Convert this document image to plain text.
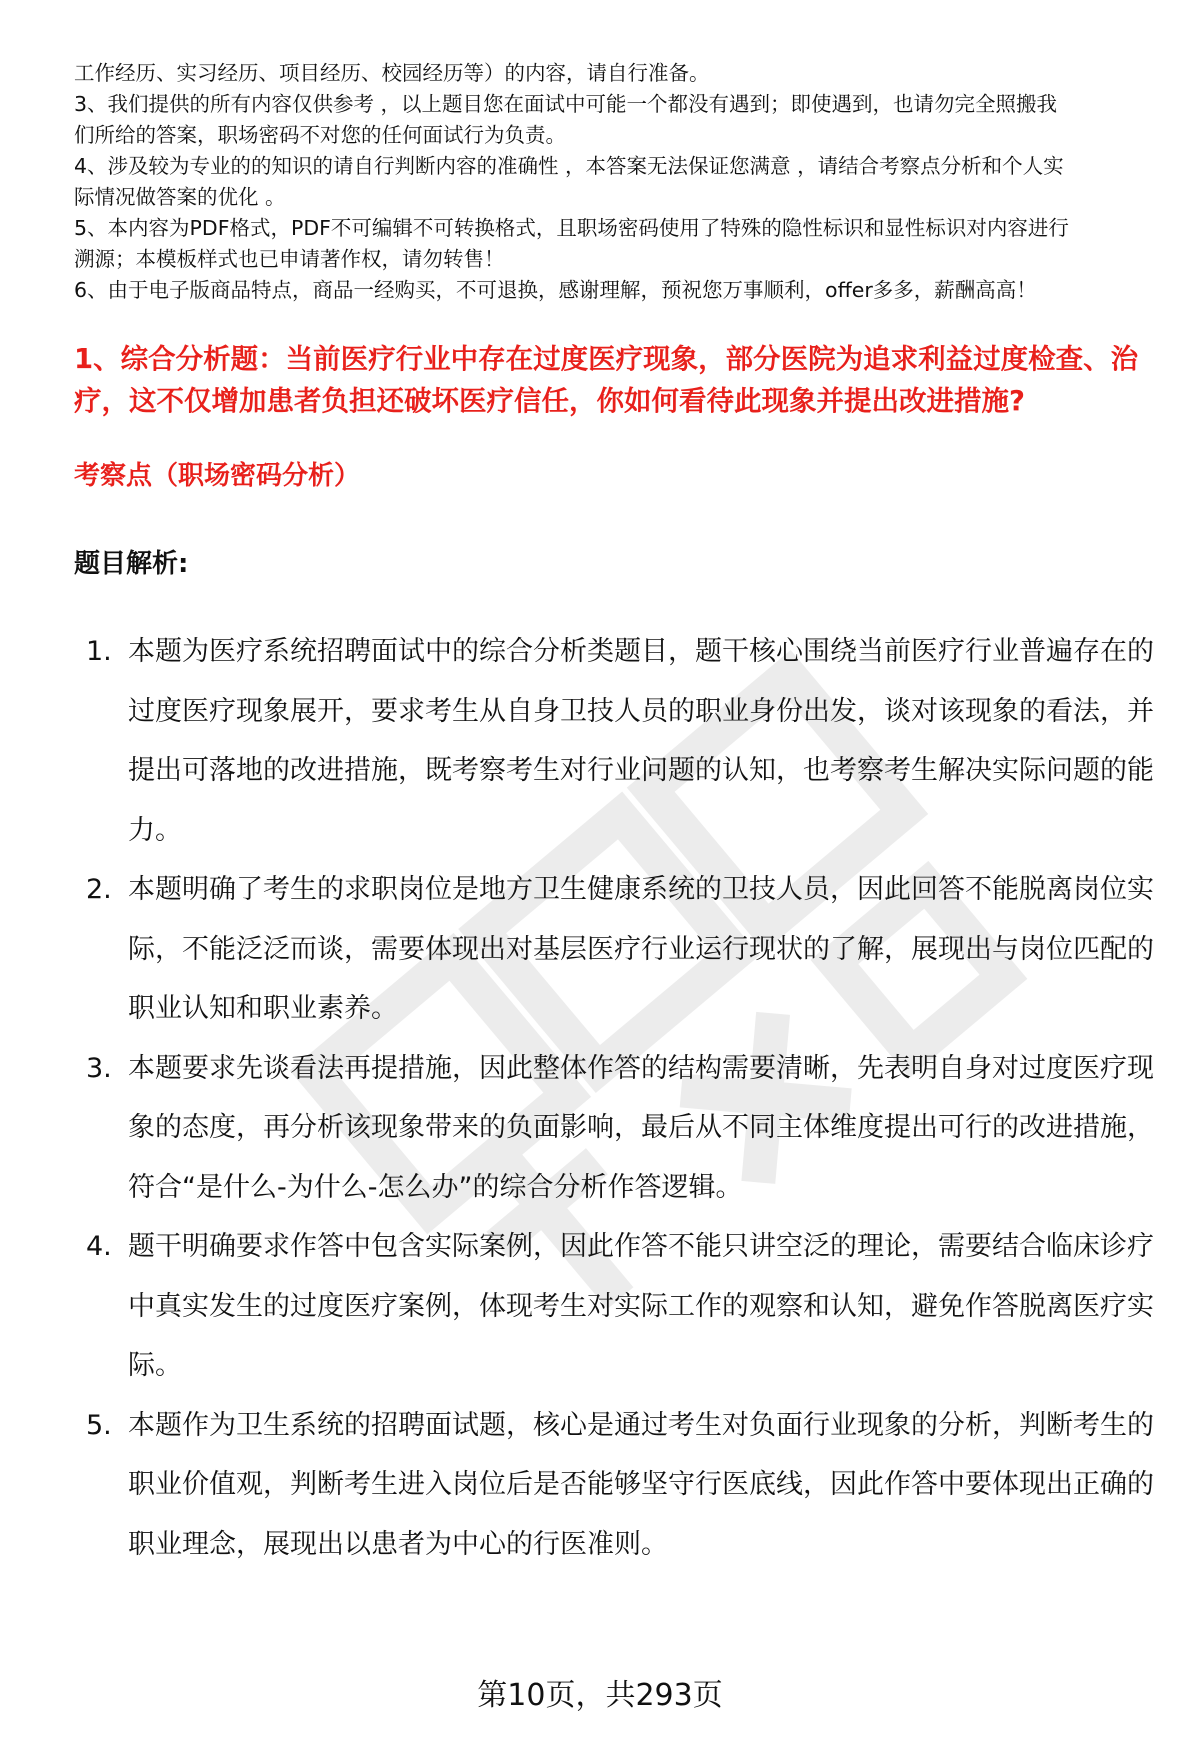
工作经历、实习经历、项目经历、校园经历等）的内容，请自行准备。

3、我们提供的所有内容仅供参考 ，以上题目您在面试中可能一个都没有遇到；即使遇到，也请勿完全照搬我

们所给的答案，职场密码不对您的任何面试行为负责。

4、涉及较为专业的的知识的请自行判断内容的准确性 ，本答案无法保证您满意 ，请结合考察点分析和个人实

际情况做答案的优化 。

5、本内容为PDF格式，PDF不可编辑不可转换格式，且职场密码使用了特殊的隐性标识和显性标识对内容进行

溯源；本模板样式也已申请著作权，请勿转售！

6、由于电子版商品特点，商品一经购买，不可退换，感谢理解，预祝您万事顺利，offer多多，薪酬高高！

1、综合分析题：当前医疗行业中存在过度医疗现象，部分医院为追求利益过度检查、治疗，这不仅增加患者负担还破坏医疗信任，你如何看待此现象并提出改进措施?
考察点（职场密码分析）
题目解析:
1. 本题为医疗系统招聘面试中的综合分析类题目，题干核心围绕当前医疗行业普遍存在的过度医疗现象展开，要求考生从自身卫技人员的职业身份出发，谈对该现象的看法，并提出可落地的改进措施，既考察考生对行业问题的认知，也考察考生解决实际问题的能力。
2. 本题明确了考生的求职岗位是地方卫生健康系统的卫技人员，因此回答不能脱离岗位实际，不能泛泛而谈，需要体现出对基层医疗行业运行现状的了解，展现出与岗位匹配的职业认知和职业素养。
3. 本题要求先谈看法再提措施，因此整体作答的结构需要清晰，先表明自身对过度医疗现象的态度，再分析该现象带来的负面影响，最后从不同主体维度提出可行的改进措施，符合“是什么-为什么-怎么办”的综合分析作答逻辑。
4. 题干明确要求作答中包含实际案例，因此作答不能只讲空泛的理论，需要结合临床诊疗中真实发生的过度医疗案例，体现考生对实际工作的观察和认知，避免作答脱离医疗实际。
5. 本题作为卫生系统的招聘面试题，核心是通过考生对负面行业现象的分析，判断考生的职业价值观，判断考生进入岗位后是否能够坚守行医底线，因此作答中要体现出正确的职业理念，展现出以患者为中心的行医准则。
第10页，共293页
